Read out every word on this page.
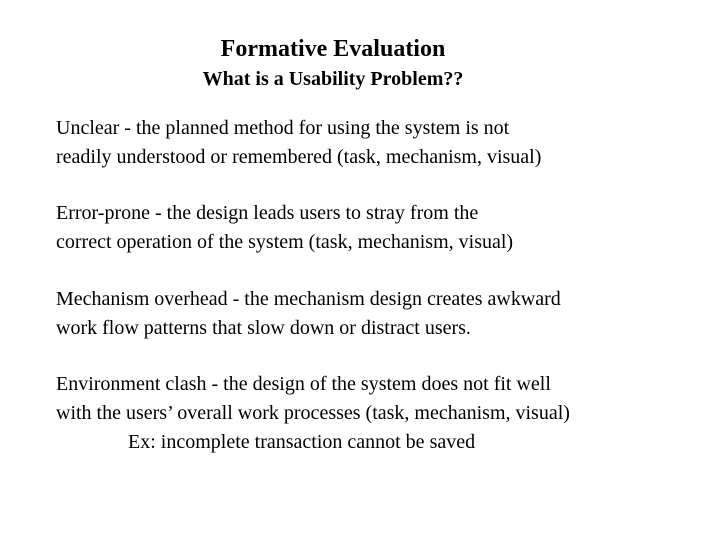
Formative Evaluation
What is a Usability Problem??
Unclear - the planned method for using the system is not
readily understood or remembered (task, mechanism, visual)
Error-prone - the design leads users to stray from the
correct operation of the system (task, mechanism, visual)
Mechanism overhead - the mechanism design creates awkward
work flow patterns that slow down or distract users.
Environment clash - the design of the system does not fit well
with the users’ overall work processes (task, mechanism, visual)
Ex: incomplete transaction cannot be saved
